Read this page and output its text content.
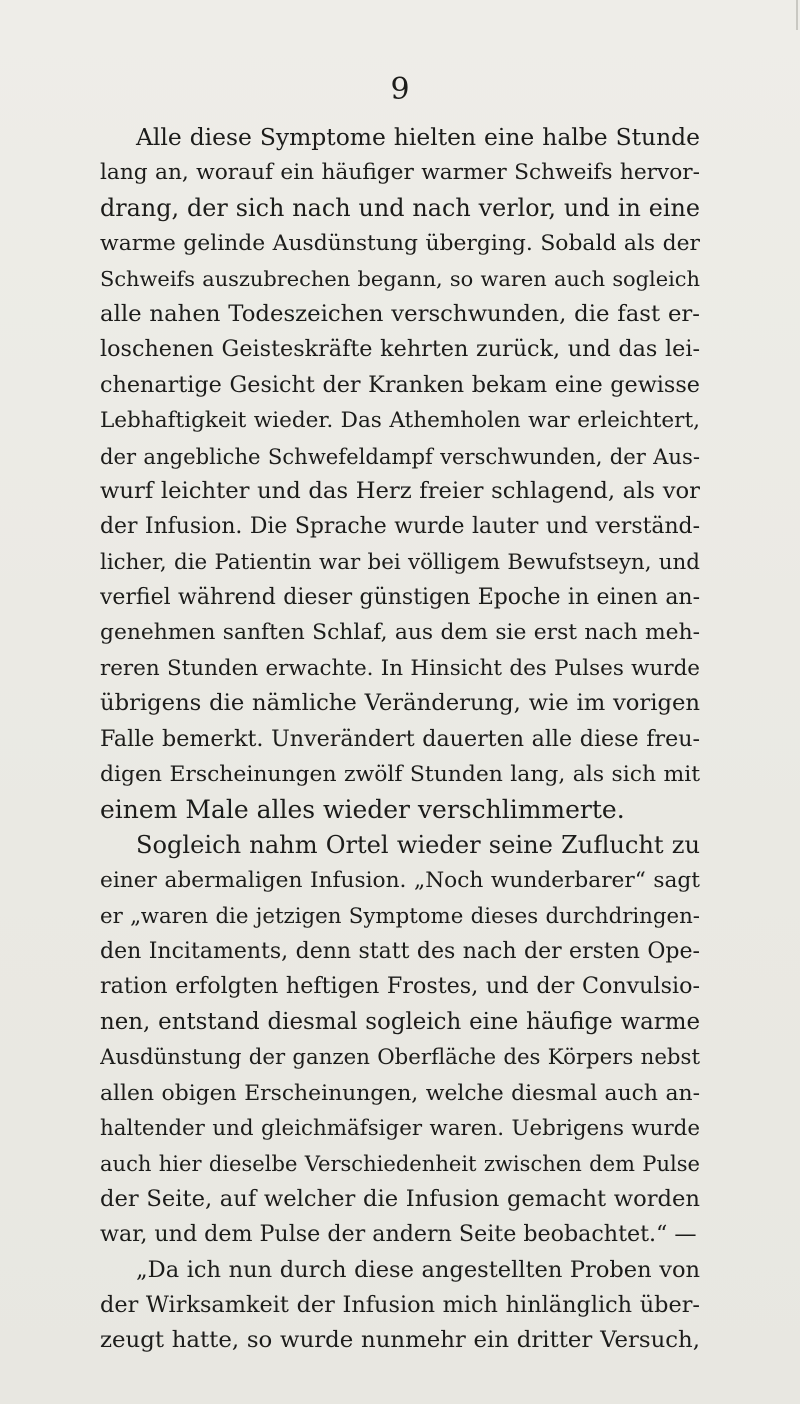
9
Alle diese Symptome hielten eine halbe Stunde
lang an, worauf ein häufiger warmer Schweifs hervor-
drang, der sich nach und nach verlor, und in eine
warme gelinde Ausdünstung überging. Sobald als der
Schweifs auszubrechen begann, so waren auch sogleich
alle nahen Todeszeichen verschwunden, die fast er-
loschenen Geisteskräfte kehrten zurück, und das lei-
chenartige Gesicht der Kranken bekam eine gewisse
Lebhaftigkeit wieder. Das Athemholen war erleichtert,
der angebliche Schwefeldampf verschwunden, der Aus-
wurf leichter und das Herz freier schlagend, als vor
der Infusion. Die Sprache wurde lauter und verständ-
licher, die Patientin war bei völligem Bewufstseyn, und
verfiel während dieser günstigen Epoche in einen an-
genehmen sanften Schlaf, aus dem sie erst nach meh-
reren Stunden erwachte. In Hinsicht des Pulses wurde
übrigens die nämliche Veränderung, wie im vorigen
Falle bemerkt. Unverändert dauerten alle diese freu-
digen Erscheinungen zwölf Stunden lang, als sich mit
einem Male alles wieder verschlimmerte.
Sogleich nahm Ortel wieder seine Zuflucht zu
einer abermaligen Infusion. „Noch wunderbarer“ sagt
er „waren die jetzigen Symptome dieses durchdringen-
den Incitaments, denn statt des nach der ersten Ope-
ration erfolgten heftigen Frostes, und der Convulsio-
nen, entstand diesmal sogleich eine häufige warme
Ausdünstung der ganzen Oberfläche des Körpers nebst
allen obigen Erscheinungen, welche diesmal auch an-
haltender und gleichmäfsiger waren. Uebrigens wurde
auch hier dieselbe Verschiedenheit zwischen dem Pulse
der Seite, auf welcher die Infusion gemacht worden
war, und dem Pulse der andern Seite beobachtet.“ —
„Da ich nun durch diese angestellten Proben von
der Wirksamkeit der Infusion mich hinlänglich über-
zeugt hatte, so wurde nunmehr ein dritter Versuch,
